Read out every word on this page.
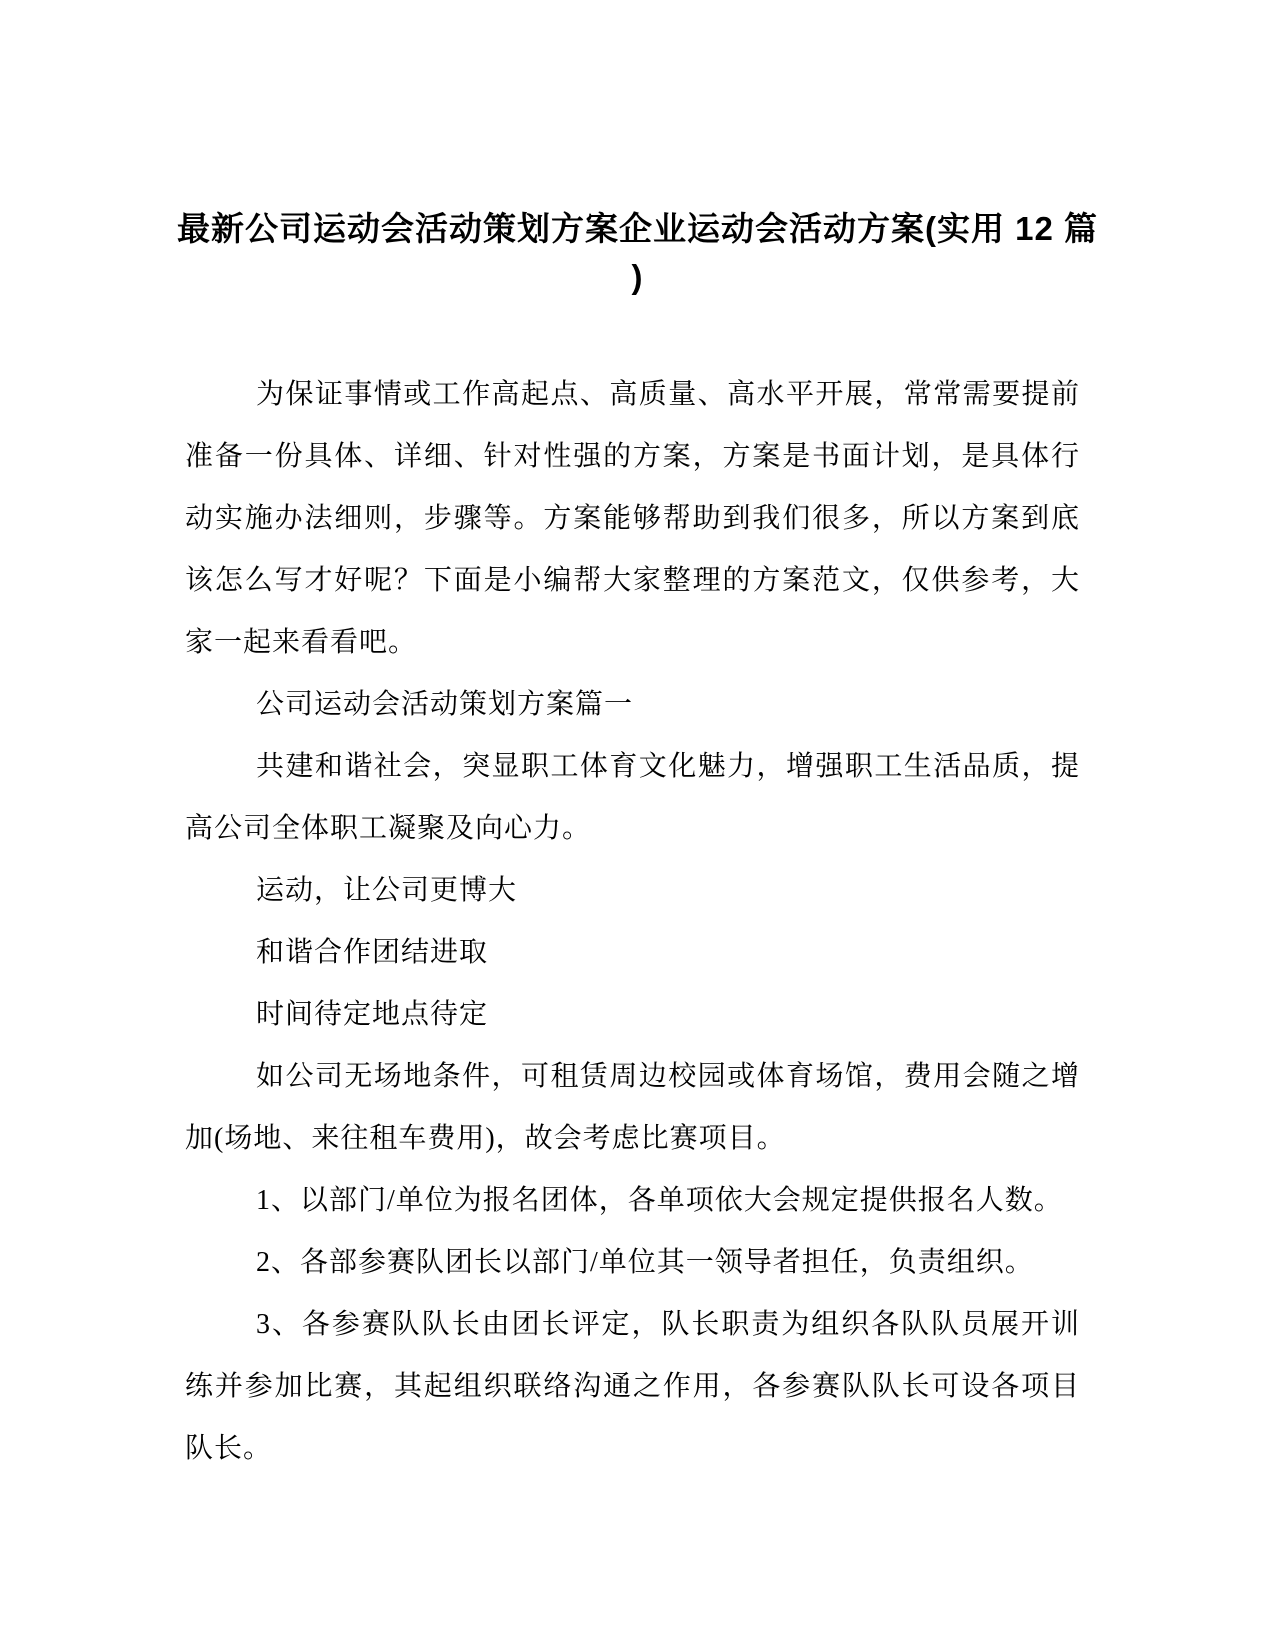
最新公司运动会活动策划方案企业运动会活动方案(实用 12 篇
)

为保证事情或工作高起点、高质量、高水平开展，常常需要提前准备一份具体、详细、针对性强的方案，方案是书面计划，是具体行动实施办法细则，步骤等。方案能够帮助到我们很多，所以方案到底该怎么写才好呢？下面是小编帮大家整理的方案范文，仅供参考，大家一起来看看吧。

公司运动会活动策划方案篇一

共建和谐社会，突显职工体育文化魅力，增强职工生活品质，提高公司全体职工凝聚及向心力。

运动，让公司更博大

和谐合作团结进取

时间待定地点待定

如公司无场地条件，可租赁周边校园或体育场馆，费用会随之增加(场地、来往租车费用)，故会考虑比赛项目。

1、以部门/单位为报名团体，各单项依大会规定提供报名人数。

2、各部参赛队团长以部门/单位其一领导者担任，负责组织。

3、各参赛队队长由团长评定，队长职责为组织各队队员展开训练并参加比赛，其起组织联络沟通之作用，各参赛队队长可设各项目队长。
